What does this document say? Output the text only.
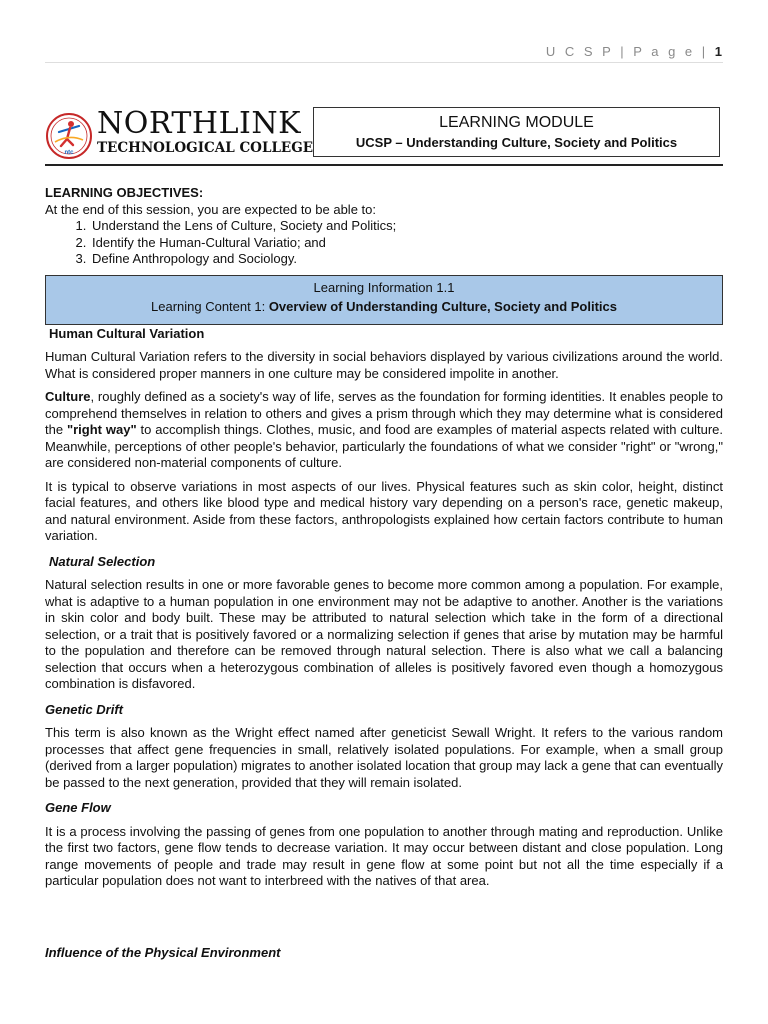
U C S P | P a g e | 1
ntc
NORTHLINK
TECHNOLOGICAL COLLEGE
LEARNING MODULE
UCSP – Understanding Culture, Society and Politics
LEARNING OBJECTIVES:
At the end of this session, you are expected to be able to:
1. Understand the Lens of Culture, Society and Politics;
2. Identify the Human-Cultural Variatio; and
3. Define Anthropology and Sociology.
Learning Information 1.1
Learning Content 1: Overview of Understanding Culture, Society and Politics
Human Cultural Variation

Human Cultural Variation refers to the diversity in social behaviors displayed by various civilizations around the world. What is considered proper manners in one culture may be considered impolite in another.

Culture, roughly defined as a society's way of life, serves as the foundation for forming identities. It enables people to comprehend themselves in relation to others and gives a prism through which they may determine what is considered the "right way" to accomplish things. Clothes, music, and food are examples of material aspects related with culture. Meanwhile, perceptions of other people's behavior, particularly the foundations of what we consider "right" or "wrong," are considered non-material components of culture.

It is typical to observe variations in most aspects of our lives. Physical features such as skin color, height, distinct facial features, and others like blood type and medical history vary depending on a person's race, genetic makeup, and natural environment. Aside from these factors, anthropologists explained how certain factors contribute to human variation.

Natural Selection

Natural selection results in one or more favorable genes to become more common among a population. For example, what is adaptive to a human population in one environment may not be adaptive to another. Another is the variations in skin color and body built. These may be attributed to natural selection which take in the form of a directional selection, or a trait that is positively favored or a normalizing selection if genes that arise by mutation may be harmful to the population and therefore can be removed through natural selection. There is also what we call a balancing selection that occurs when a heterozygous combination of alleles is positively favored even though a homozygous combination is disfavored.

Genetic Drift

This term is also known as the Wright effect named after geneticist Sewall Wright. It refers to the various random processes that affect gene frequencies in small, relatively isolated populations. For example, when a small group (derived from a larger population) migrates to another isolated location that group may lack a gene that can eventually be passed to the next generation, provided that they will remain isolated.

Gene Flow

It is a process involving the passing of genes from one population to another through mating and reproduction. Unlike the first two factors, gene flow tends to decrease variation. It may occur between distant and close population. Long range movements of people and trade may result in gene flow at some point but not all the time especially if a particular population does not want to interbreed with the natives of that area.

Influence of the Physical Environment
